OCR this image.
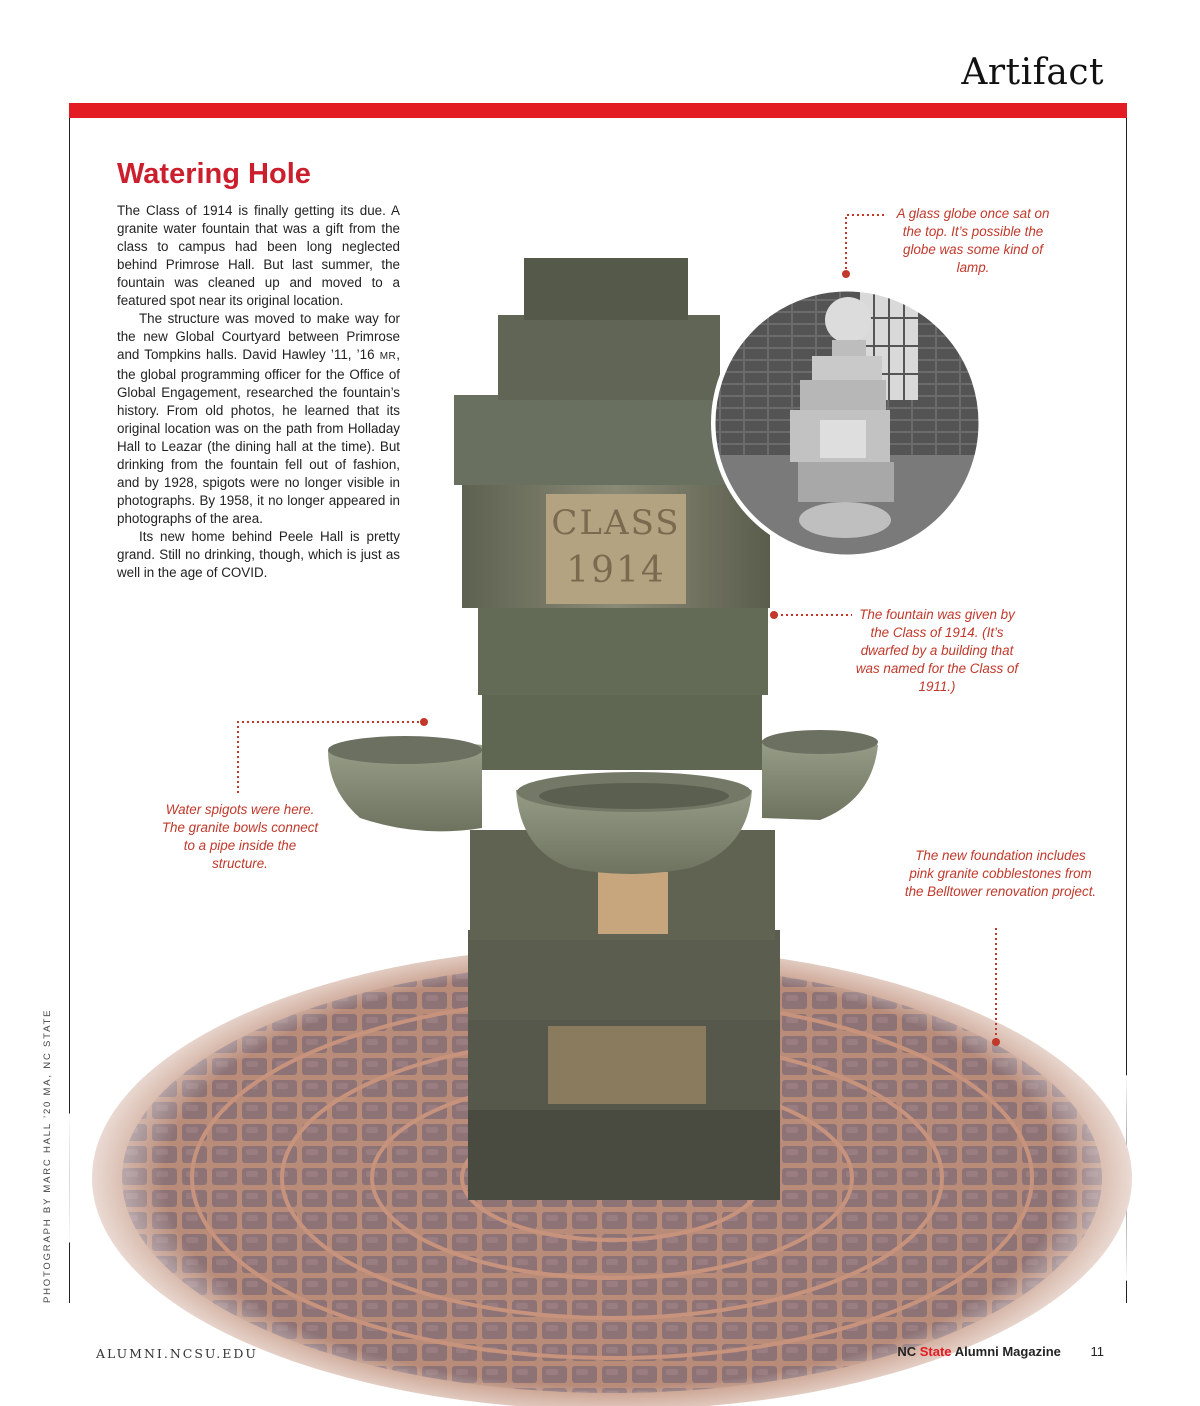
Artifact
CLASS
1914
Watering Hole

The Class of 1914 is finally getting its due. A granite water fountain that was a gift from the class to campus had been long neglected behind Primrose Hall. But last summer, the fountain was cleaned up and moved to a featured spot near its original location.

The structure was moved to make way for the new Global Courtyard between Primrose and Tompkins halls. David Hawley ’11, ’16 MR, the global programming officer for the Office of Global Engagement, researched the fountain’s history. From old photos, he learned that its original location was on the path from Holladay Hall to Leazar (the dining hall at the time). But drinking from the fountain fell out of fashion, and by 1928, spigots were no longer visible in photographs. By 1958, it no longer appeared in photographs of the area.

Its new home behind Peele Hall is pretty grand. Still no drinking, though, which is just as well in the age of COVID.

A glass globe once sat on the top. It’s possible the globe was some kind of lamp.
The fountain was given by the Class of 1914. (It’s dwarfed by a building that was named for the Class of 1911.)
Water spigots were here. The granite bowls connect to a pipe inside the structure.
The new foundation includes pink granite cobblestones from the Belltower renovation project.
PHOTOGRAPH BY MARC HALL ’20 MA, NC STATE
ALUMNI.NCSU.EDU	NC State Alumni Magazine 11
